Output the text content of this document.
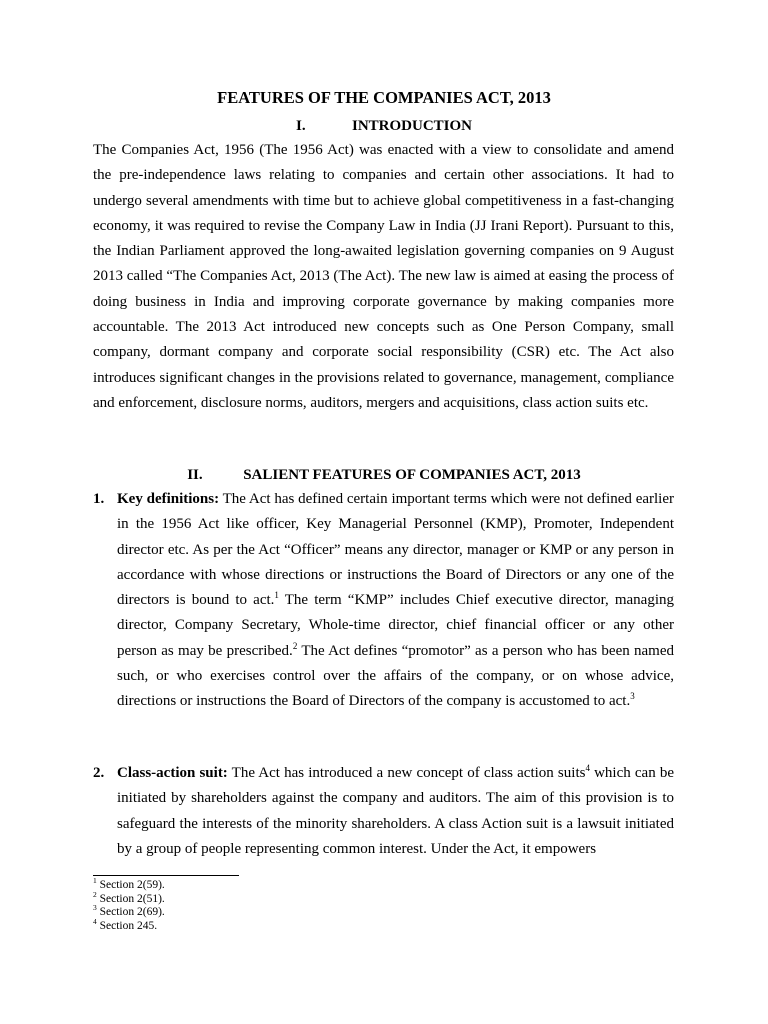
FEATURES OF THE COMPANIES ACT, 2013
I.	INTRODUCTION

The Companies Act, 1956 (The 1956 Act) was enacted with a view to consolidate and amend the pre-independence laws relating to companies and certain other associations. It had to undergo several amendments with time but to achieve global competitiveness in a fast-changing economy, it was required to revise the Company Law in India (JJ Irani Report). Pursuant to this, the Indian Parliament approved the long-awaited legislation governing companies on 9 August 2013 called “The Companies Act, 2013 (The Act). The new law is aimed at easing the process of doing business in India and improving corporate governance by making companies more accountable. The 2013 Act introduced new concepts such as One Person Company, small company, dormant company and corporate social responsibility (CSR) etc. The Act also introduces significant changes in the provisions related to governance, management, compliance and enforcement, disclosure norms, auditors, mergers and acquisitions, class action suits etc.

II.	SALIENT FEATURES OF COMPANIES ACT, 2013
1. Key definitions: The Act has defined certain important terms which were not defined earlier in the 1956 Act like officer, Key Managerial Personnel (KMP), Promoter, Independent director etc. As per the Act “Officer” means any director, manager or KMP or any person in accordance with whose directions or instructions the Board of Directors or any one of the directors is bound to act.$^1$ The term “KMP” includes Chief executive director, managing director, Company Secretary, Whole-time director, chief financial officer or any other person as may be prescribed.$^2$ The Act defines “promotor” as a person who has been named such, or who exercises control over the affairs of the company, or on whose advice, directions or instructions the Board of Directors of the company is accustomed to act.$^3$

2. Class-action suit: The Act has introduced a new concept of class action suits$^4$ which can be initiated by shareholders against the company and auditors. The aim of this provision is to safeguard the interests of the minority shareholders. A class Action suit is a lawsuit initiated by a group of people representing common interest. Under the Act, it empowers

$^1$ Section 2(59).
$^2$ Section 2(51).
$^3$ Section 2(69).
$^4$ Section 245.
